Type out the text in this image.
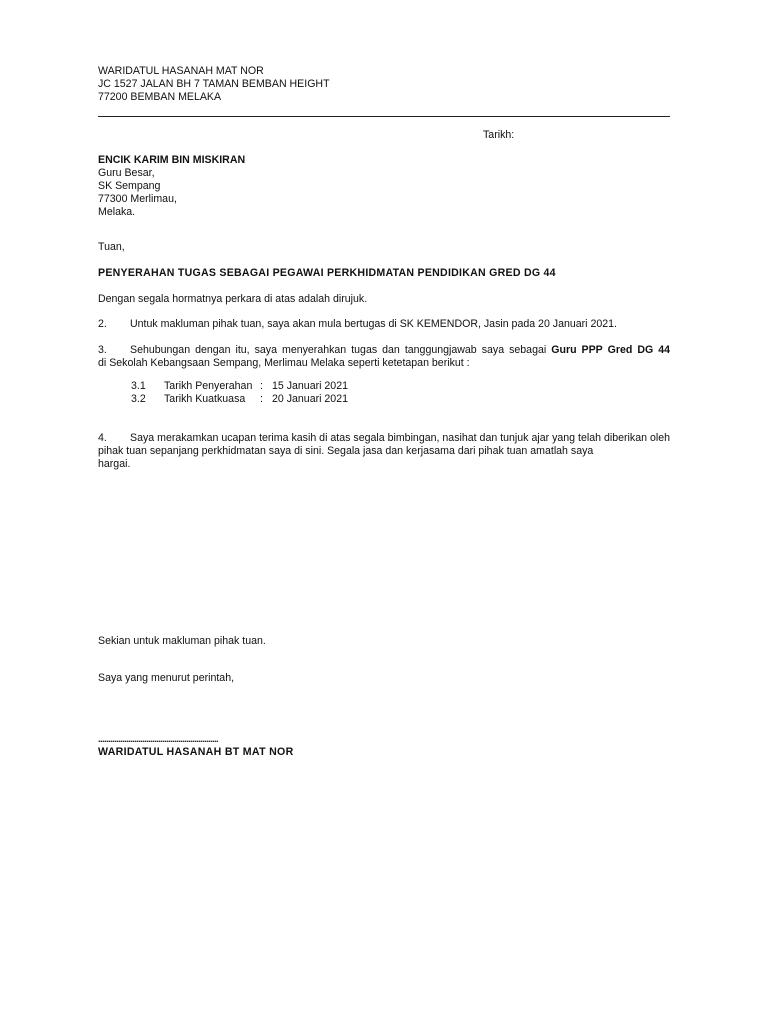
WARIDATUL HASANAH MAT NOR
JC 1527 JALAN BH 7 TAMAN BEMBAN HEIGHT
77200 BEMBAN MELAKA
Tarikh:
ENCIK KARIM BIN MISKIRAN
Guru Besar,
SK Sempang
77300 Merlimau,
Melaka.
Tuan,
PENYERAHAN TUGAS SEBAGAI PEGAWAI PERKHIDMATAN PENDIDIKAN GRED DG 44
Dengan segala hormatnya perkara di atas adalah dirujuk.
2. Untuk makluman pihak tuan, saya akan mula bertugas di SK KEMENDOR, Jasin pada 20 Januari 2021.
3. Sehubungan dengan itu, saya menyerahkan tugas dan tanggungjawab saya sebagai Guru PPP Gred DG 44
di Sekolah Kebangsaan Sempang, Merlimau Melaka seperti ketetapan berikut :
3.1 Tarikh Penyerahan : 15 Januari 2021
3.2 Tarikh Kuatkuasa : 20 Januari 2021
4. Saya merakamkan ucapan terima kasih di atas segala bimbingan, nasihat dan tunjuk ajar yang telah diberikan oleh pihak tuan sepanjang perkhidmatan saya di sini. Segala jasa dan kerjasama dari pihak tuan amatlah saya
hargai.
Sekian untuk makluman pihak tuan.
Saya yang menurut perintah,
............................................................
WARIDATUL HASANAH BT MAT NOR
